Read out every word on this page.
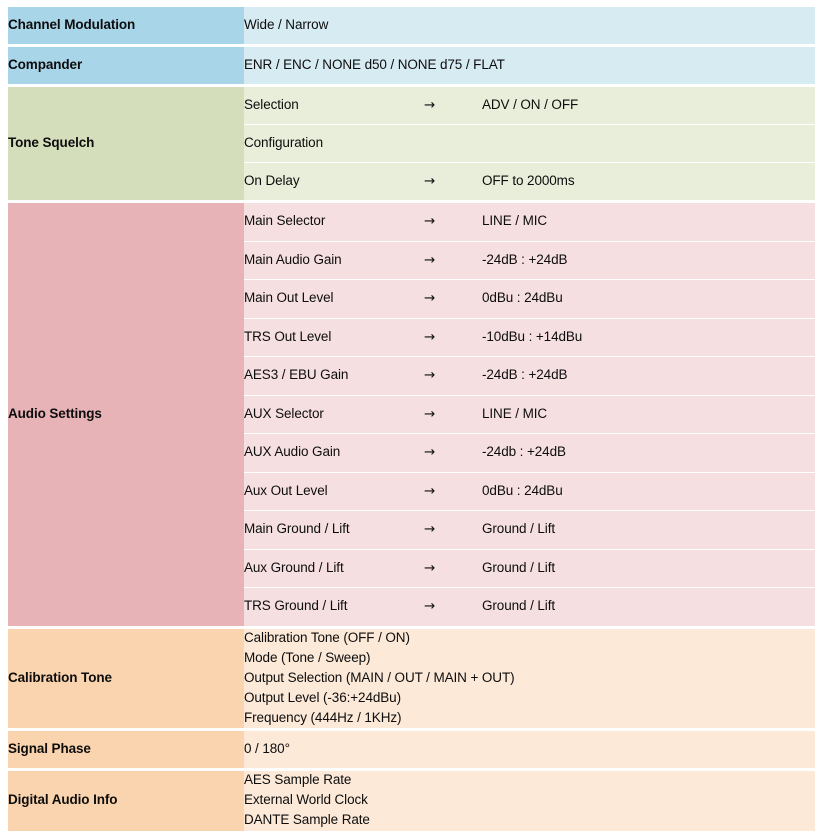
Channel Modulation	Wide / Narrow		
Compander	ENR / ENC / NONE d50 / NONE d75 / FLAT		
Tone Squelch	Selection	→	ADV / ON / OFF
	Configuration		
	On Delay	→	OFF to 2000ms
Audio Settings	Main Selector	→	LINE / MIC
	Main Audio Gain	→	-24dB : +24dB
	Main Out Level	→	0dBu : 24dBu
	TRS Out Level	→	-10dBu : +14dBu
	AES3 / EBU Gain	→	-24dB : +24dB
	AUX Selector	→	LINE / MIC
	AUX Audio Gain	→	-24db : +24dB
	Aux Out Level	→	0dBu : 24dBu
	Main Ground / Lift	→	Ground / Lift
	Aux Ground / Lift	→	Ground / Lift
	TRS Ground / Lift	→	Ground / Lift
Calibration Tone	Calibration Tone (OFF / ON)
Mode (Tone / Sweep)
Output Selection (MAIN / OUT / MAIN + OUT)
Output Level (-36:+24dBu)
Frequency (444Hz / 1KHz)		

Signal Phase	0 / 180°		
Digital Audio Info	AES Sample Rate
External World Clock
DANTE Sample Rate		
